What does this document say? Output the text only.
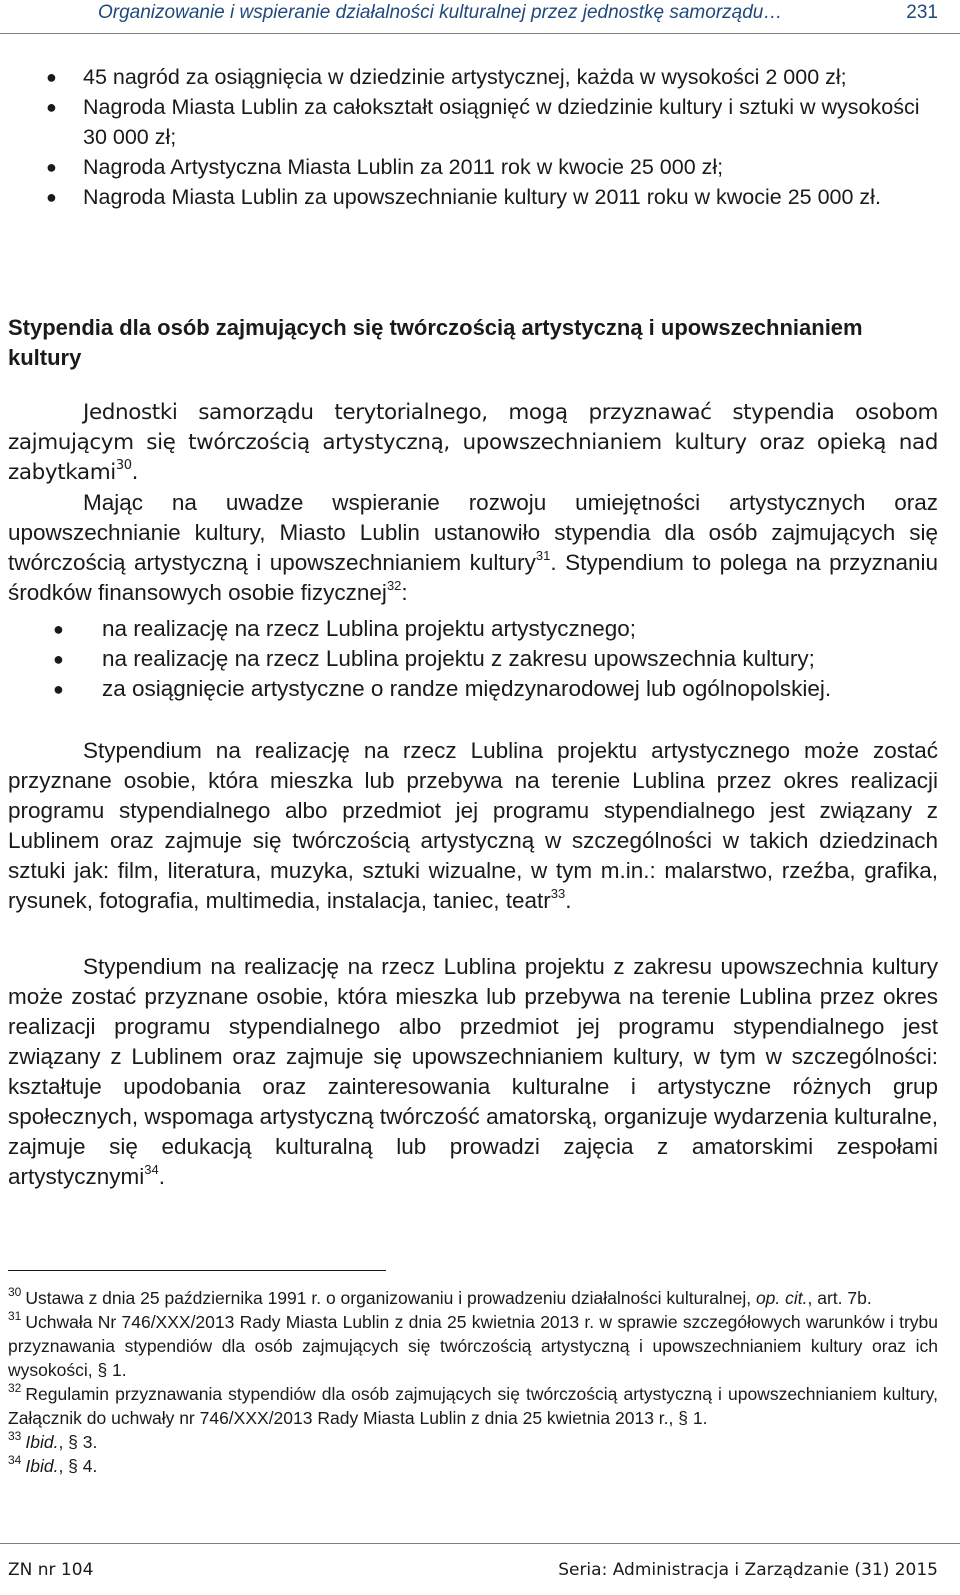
Organizowanie i wspieranie działalności kulturalnej przez jednostkę samorządu…	231
● 45 nagród za osiągnięcia w dziedzinie artystycznej, każda w wysokości 2 000 zł;
● Nagroda Miasta Lublin za całokształt osiągnięć w dziedzinie kultury i sztuki w wysokości 30 000 zł;
● Nagroda Artystyczna Miasta Lublin za 2011 rok w kwocie 25 000 zł;
● Nagroda Miasta Lublin za upowszechnianie kultury w 2011 roku w kwocie 25 000 zł.
Stypendia dla osób zajmujących się twórczością artystyczną i upowszechnianiem kultury

Jednostki samorządu terytorialnego, mogą przyznawać stypendia osobom zajmującym się twórczością artystyczną, upowszechnianiem kultury oraz opieką nad zabytkami$^{30}$.

Mając na uwadze wspieranie rozwoju umiejętności artystycznych oraz upowszechnianie kultury, Miasto Lublin ustanowiło stypendia dla osób zajmujących się twórczością artystyczną i upowszechnianiem kultury$^{31}$. Stypendium to polega na przyznaniu środków finansowych osobie fizycznej$^{32}$:

● na realizację na rzecz Lublina projektu artystycznego;
● na realizację na rzecz Lublina projektu z zakresu upowszechnia kultury;
● za osiągnięcie artystyczne o randze międzynarodowej lub ogólnopolskiej.

Stypendium na realizację na rzecz Lublina projektu artystycznego może zostać przyznane osobie, która mieszka lub przebywa na terenie Lublina przez okres realizacji programu stypendialnego albo przedmiot jej programu stypendialnego jest związany z Lublinem oraz zajmuje się twórczością artystyczną w szczególności w takich dziedzinach sztuki jak: film, literatura, muzyka, sztuki wizualne, w tym m.in.: malarstwo, rzeźba, grafika, rysunek, fotografia, multimedia, instalacja, taniec, teatr$^{33}$.

Stypendium na realizację na rzecz Lublina projektu z zakresu upowszechnia kultury może zostać przyznane osobie, która mieszka lub przebywa na terenie Lublina przez okres realizacji programu stypendialnego albo przedmiot jej programu stypendialnego jest związany z Lublinem oraz zajmuje się upowszechnianiem kultury, w tym w szczególności: kształtuje upodobania oraz zainteresowania kulturalne i artystyczne różnych grup społecznych, wspomaga artystyczną twórczość amatorską, organizuje wydarzenia kulturalne, zajmuje się edukacją kulturalną lub prowadzi zajęcia z amatorskimi zespołami artystycznymi$^{34}$.

$^{30}$ Ustawa z dnia 25 października 1991 r. o organizowaniu i prowadzeniu działalności kulturalnej, op. cit., art. 7b.

$^{31}$ Uchwała Nr 746/XXX/2013 Rady Miasta Lublin z dnia 25 kwietnia 2013 r. w sprawie szczegółowych warunków i trybu przyznawania stypendiów dla osób zajmujących się twórczością artystyczną i upowszechnianiem kultury oraz ich wysokości, § 1.

$^{32}$ Regulamin przyznawania stypendiów dla osób zajmujących się twórczością artystyczną i upowszechnianiem kultury, Załącznik do uchwały nr 746/XXX/2013 Rady Miasta Lublin z dnia 25 kwietnia 2013 r., § 1.

$^{33}$ Ibid., § 3.

$^{34}$ Ibid., § 4.

ZN nr 104	Seria: Administracja i Zarządzanie (31) 2015
